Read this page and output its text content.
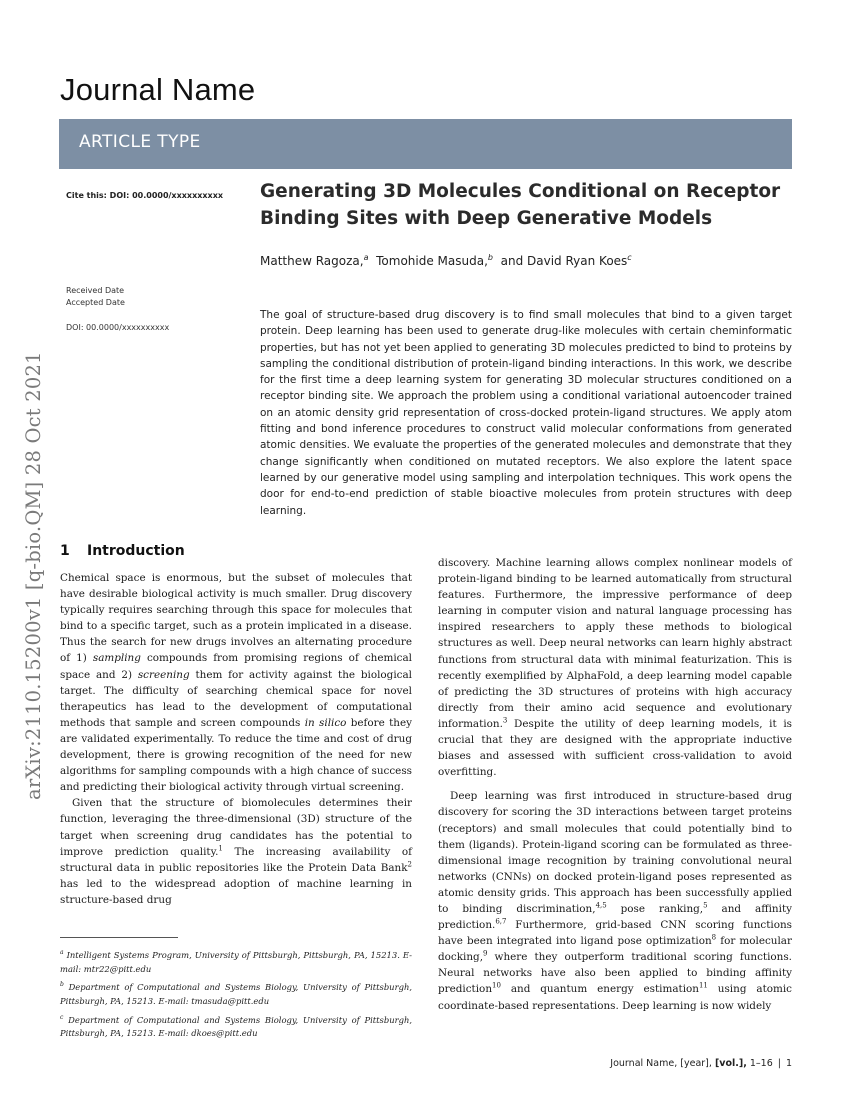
Journal Name
ARTICLE TYPE
Cite this: DOI: 00.0000/xxxxxxxxxx
Received Date
Accepted Date
DOI: 00.0000/xxxxxxxxxx
arXiv:2110.15200v1 [q-bio.QM] 28 Oct 2021
Generating 3D Molecules Conditional on Receptor Binding Sites with Deep Generative Models
Matthew Ragoza,$^a$ Tomohide Masuda,$^b$ and David Ryan Koes$^c$
The goal of structure-based drug discovery is to find small molecules that bind to a given target protein. Deep learning has been used to generate drug-like molecules with certain cheminformatic properties, but has not yet been applied to generating 3D molecules predicted to bind to proteins by sampling the conditional distribution of protein-ligand binding interactions. In this work, we describe for the first time a deep learning system for generating 3D molecular structures conditioned on a receptor binding site. We approach the problem using a conditional variational autoencoder trained on an atomic density grid representation of cross-docked protein-ligand structures. We apply atom fitting and bond inference procedures to construct valid molecular conformations from generated atomic densities. We evaluate the properties of the generated molecules and demonstrate that they change significantly when conditioned on mutated receptors. We also explore the latent space learned by our generative model using sampling and interpolation techniques. This work opens the door for end-to-end prediction of stable bioactive molecules from protein structures with deep learning.
1 Introduction

Chemical space is enormous, but the subset of molecules that have desirable biological activity is much smaller. Drug discovery typically requires searching through this space for molecules that bind to a specific target, such as a protein implicated in a disease. Thus the search for new drugs involves an alternating procedure of 1) sampling compounds from promising regions of chemical space and 2) screening them for activity against the biological target. The difficulty of searching chemical space for novel therapeutics has lead to the development of computational methods that sample and screen compounds in silico before they are validated experimentally. To reduce the time and cost of drug development, there is growing recognition of the need for new algorithms for sampling compounds with a high chance of success and predicting their biological activity through virtual screening.

Given that the structure of biomolecules determines their function, leveraging the three-dimensional (3D) structure of the target when screening drug candidates has the potential to improve prediction quality.$^1$ The increasing availability of structural data in public repositories like the Protein Data Bank$^2$ has led to the widespread adoption of machine learning in structure-based drug

$^a$ Intelligent Systems Program, University of Pittsburgh, Pittsburgh, PA, 15213. E-mail: mtr22@pitt.edu

$^b$ Department of Computational and Systems Biology, University of Pittsburgh, Pittsburgh, PA, 15213. E-mail: tmasuda@pitt.edu

$^c$ Department of Computational and Systems Biology, University of Pittsburgh, Pittsburgh, PA, 15213. E-mail: dkoes@pitt.edu

discovery. Machine learning allows complex nonlinear models of protein-ligand binding to be learned automatically from structural features. Furthermore, the impressive performance of deep learning in computer vision and natural language processing has inspired researchers to apply these methods to biological structures as well. Deep neural networks can learn highly abstract functions from structural data with minimal featurization. This is recently exemplified by AlphaFold, a deep learning model capable of predicting the 3D structures of proteins with high accuracy directly from their amino acid sequence and evolutionary information.$^3$ Despite the utility of deep learning models, it is crucial that they are designed with the appropriate inductive biases and assessed with sufficient cross-validation to avoid overfitting.

Deep learning was first introduced in structure-based drug discovery for scoring the 3D interactions between target proteins (receptors) and small molecules that could potentially bind to them (ligands). Protein-ligand scoring can be formulated as three-dimensional image recognition by training convolutional neural networks (CNNs) on docked protein-ligand poses represented as atomic density grids. This approach has been successfully applied to binding discrimination,$^{4,5}$ pose ranking,$^5$ and affinity prediction.$^{6,7}$ Furthermore, grid-based CNN scoring functions have been integrated into ligand pose optimization$^8$ for molecular docking,$^9$ where they outperform traditional scoring functions. Neural networks have also been applied to binding affinity prediction$^{10}$ and quantum energy estimation$^{11}$ using atomic coordinate-based representations. Deep learning is now widely

Journal Name, [year], [vol.], 1–16 | 1
